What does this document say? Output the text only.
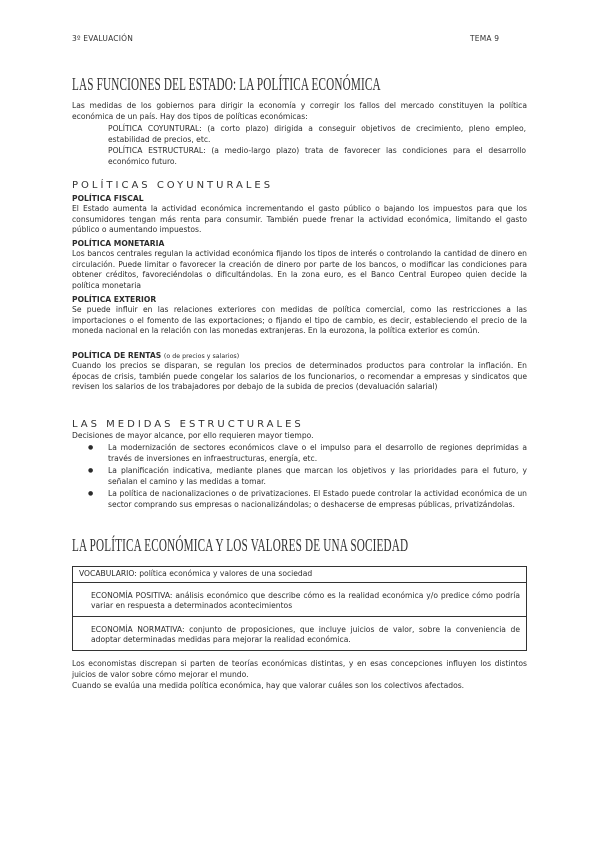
3º EVALUACIÓN	TEMA 9
LAS FUNCIONES DEL ESTADO: LA POLÍTICA ECONÓMICA

Las medidas de los gobiernos para dirigir la economía y corregir los fallos del mercado constituyen la política económica de un país. Hay dos tipos de políticas económicas:

POLÍTICA COYUNTURAL: (a corto plazo) dirigida a conseguir objetivos de crecimiento, pleno empleo, estabilidad de precios, etc.

POLÍTICA ESTRUCTURAL: (a medio-largo plazo) trata de favorecer las condiciones para el desarrollo económico futuro.

POLÍTICAS COYUNTURALES
POLÍTICA FISCAL

El Estado aumenta la actividad económica incrementando el gasto público o bajando los impuestos para que los consumidores tengan más renta para consumir. También puede frenar la actividad económica, limitando el gasto público o aumentando impuestos.

POLÍTICA MONETARIA

Los bancos centrales regulan la actividad económica fijando los tipos de interés o controlando la cantidad de dinero en circulación. Puede limitar o favorecer la creación de dinero por parte de los bancos, o modificar las condiciones para obtener créditos, favoreciéndolas o dificultándolas. En la zona euro, es el Banco Central Europeo quien decide la política monetaria

POLÍTICA EXTERIOR

Se puede influir en las relaciones exteriores con medidas de política comercial, como las restricciones a las importaciones o el fomento de las exportaciones; o fijando el tipo de cambio, es decir, estableciendo el precio de la moneda nacional en la relación con las monedas extranjeras. En la eurozona, la política exterior es común.

POLÍTICA DE RENTAS (o de precios y salarios)

Cuando los precios se disparan, se regulan los precios de determinados productos para controlar la inflación. En épocas de crisis, también puede congelar los salarios de los funcionarios, o recomendar a empresas y sindicatos que revisen los salarios de los trabajadores por debajo de la subida de precios (devaluación salarial)

LAS MEDIDAS ESTRUCTURALES

Decisiones de mayor alcance, por ello requieren mayor tiempo.

● La modernización de sectores económicos clave o el impulso para el desarrollo de regiones deprimidas a través de inversiones en infraestructuras, energía, etc.
● La planificación indicativa, mediante planes que marcan los objetivos y las prioridades para el futuro, y señalan el camino y las medidas a tomar.
● La política de nacionalizaciones o de privatizaciones. El Estado puede controlar la actividad económica de un sector comprando sus empresas o nacionalizándolas; o deshacerse de empresas públicas, privatizándolas.
LA POLÍTICA ECONÓMICA Y LOS VALORES DE UNA SOCIEDAD
VOCABULARIO: política económica y valores de una sociedad
ECONOMÍA POSITIVA: análisis económico que describe cómo es la realidad económica y/o predice cómo podría variar en respuesta a determinados acontecimientos
ECONOMÍA NORMATIVA: conjunto de proposiciones, que incluye juicios de valor, sobre la conveniencia de adoptar determinadas medidas para mejorar la realidad económica.

Los economistas discrepan si parten de teorías económicas distintas, y en esas concepciones influyen los distintos juicios de valor sobre cómo mejorar el mundo.

Cuando se evalúa una medida política económica, hay que valorar cuáles son los colectivos afectados.
